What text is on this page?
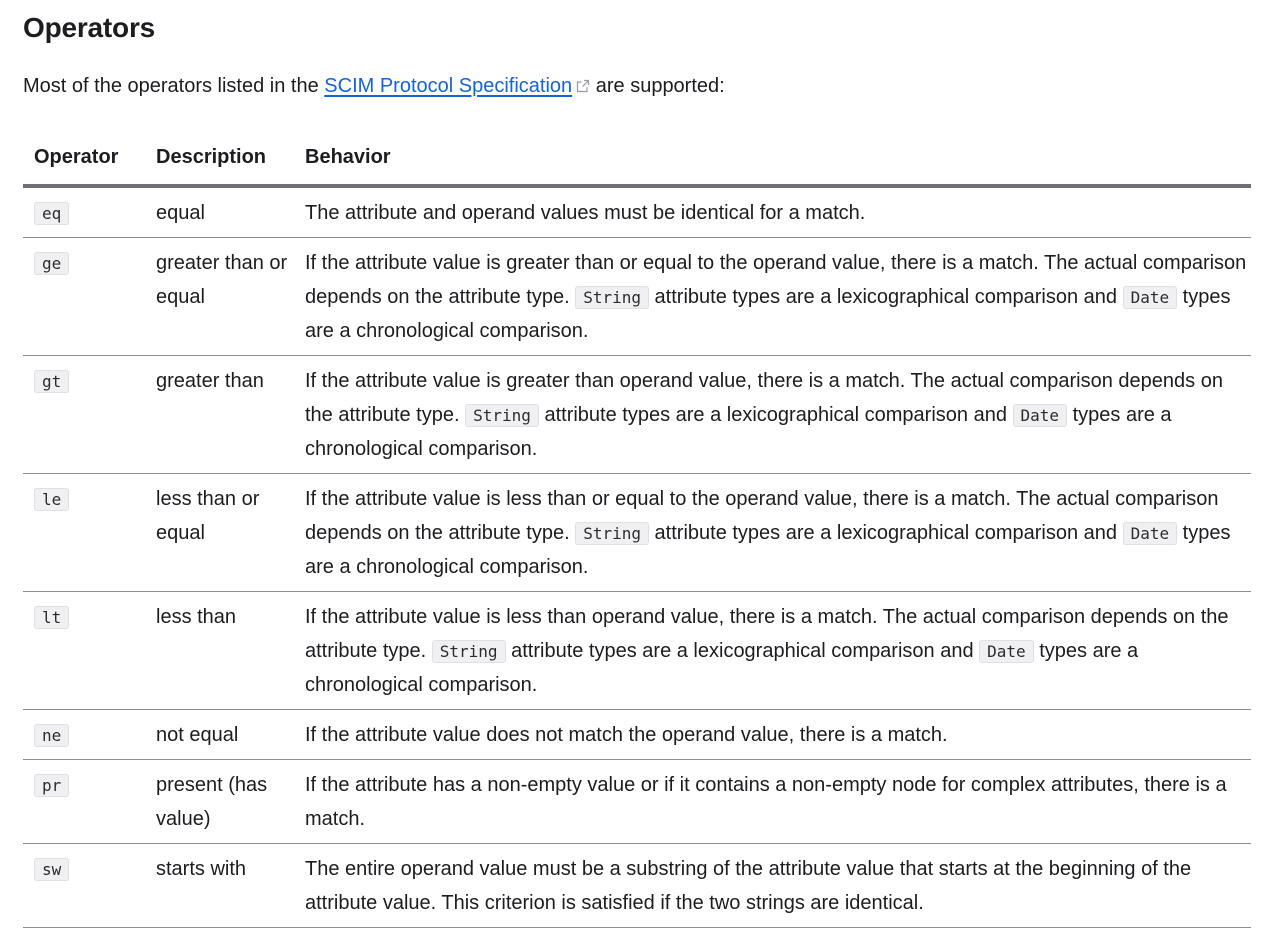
Operators

Most of the operators listed in the SCIM Protocol Specification
are supported:

Operator	Description	Behavior
eq	equal	The attribute and operand values must be identical for a match.
ge	greater than or equal	If the attribute value is greater than or equal to the operand value, there is a match. The actual comparison depends on the attribute type. String attribute types are a lexicographical comparison and Date types are a chronological comparison.
gt	greater than	If the attribute value is greater than operand value, there is a match. The actual comparison depends on the attribute type. String attribute types are a lexicographical comparison and Date types are a chronological comparison.
le	less than or equal	If the attribute value is less than or equal to the operand value, there is a match. The actual comparison depends on the attribute type. String attribute types are a lexicographical comparison and Date types are a chronological comparison.
lt	less than	If the attribute value is less than operand value, there is a match. The actual comparison depends on the attribute type. String attribute types are a lexicographical comparison and Date types are a chronological comparison.
ne	not equal	If the attribute value does not match the operand value, there is a match.
pr	present (has value)	If the attribute has a non-empty value or if it contains a non-empty node for complex attributes, there is a match.
sw	starts with	The entire operand value must be a substring of the attribute value that starts at the beginning of the attribute value. This criterion is satisfied if the two strings are identical.
